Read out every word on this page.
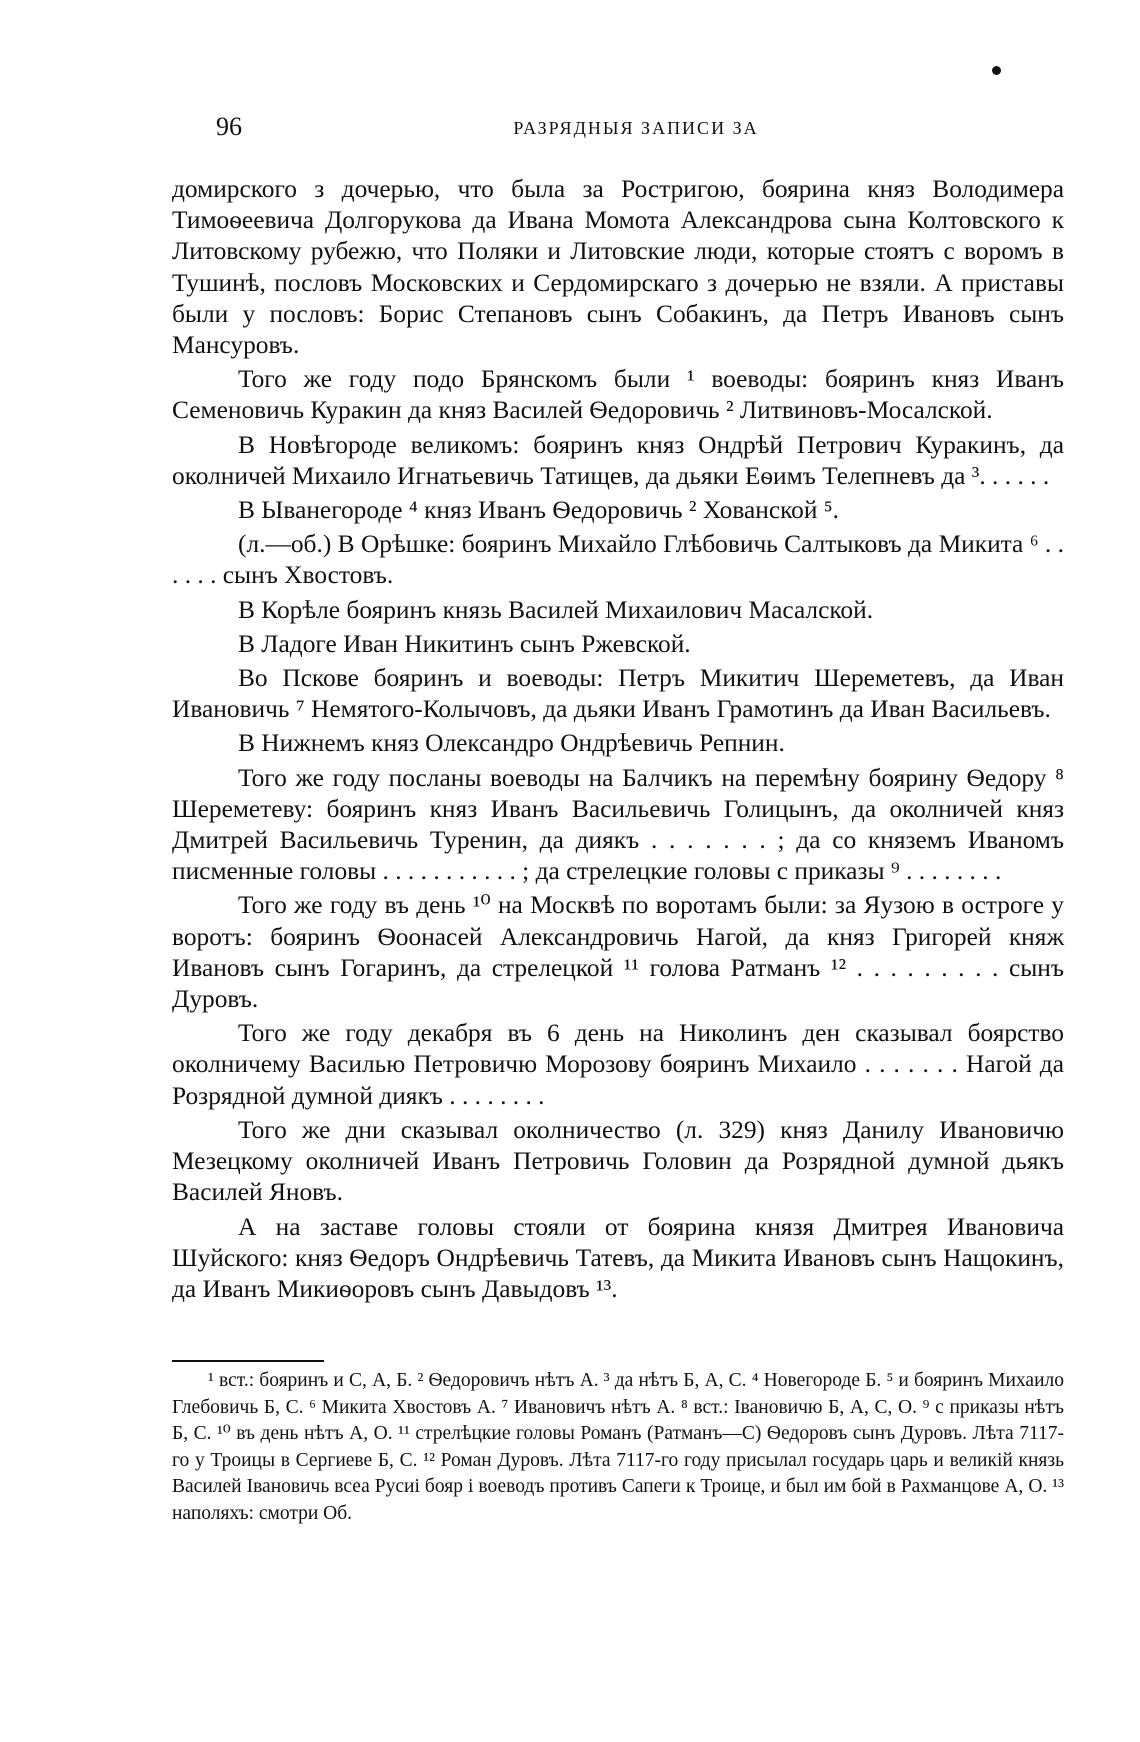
96	РАЗРЯДНЫЯ ЗАПИСИ ЗА

домирского з дочерью, что была за Ростригою, боярина княз Володимера Тимоѳеевича Долгорукова да Ивана Момота Александрова сына Колтовского к Литовскому рубежю, что Поляки и Литовские люди, которые стоятъ с воромъ в Тушинѣ, пословъ Московских и Сердомирскаго з дочерью не взяли. А приставы были у пословъ: Борис Степановъ сынъ Собакинъ, да Петръ Ивановъ сынъ Мансуровъ.

Того же году подо Брянскомъ были ¹ воеводы: бояринъ княз Иванъ Семеновичь Куракин да княз Василей Ѳедоровичь ² Литвиновъ-Мосалской.

В Новѣгороде великомъ: бояринъ княз Ондрѣй Петрович Куракинъ, да околничей Михаило Игнатьевичь Татищев, да дьяки Еѳимъ Телепневъ да ³. . . . . .

В Ыванегороде ⁴ княз Иванъ Ѳедоровичь ² Хованской ⁵.

(л.—об.) В Орѣшке: бояринъ Михайло Глѣбовичь Салтыковъ да Микита ⁶ . . . . . . сынъ Хвостовъ.

В Корѣле бояринъ князь Василей Михаилович Масалской.

В Ладоге Иван Никитинъ сынъ Ржевской.

Во Пскове бояринъ и воеводы: Петръ Микитич Шереметевъ, да Иван Ивановичь ⁷ Немятого-Колычовъ, да дьяки Иванъ Грамотинъ да Иван Васильевъ.

В Нижнемъ княз Олександро Ондрѣевичь Репнин.

Того же году посланы воеводы на Балчикъ на перемѣну боярину Ѳедору ⁸ Шереметеву: бояринъ княз Иванъ Васильевичь Голицынъ, да околничей княз Дмитрей Васильевичь Туренин, да диякъ . . . . . . . ; да со княземъ Иваномъ писменные головы . . . . . . . . . . . ; да стрелецкие головы с приказы ⁹ . . . . . . . .

Того же году въ день ¹⁰ на Москвѣ по воротамъ были: за Яузою в остроге у воротъ: бояринъ Ѳоонасей Александровичь Нагой, да княз Григорей княж Ивановъ сынъ Гогаринъ, да стрелецкой ¹¹ голова Ратманъ ¹² . . . . . . . . . сынъ Дуровъ.

Того же году декабря въ 6 день на Николинъ ден сказывал боярство околничему Василью Петровичю Морозову бояринъ Михаило . . . . . . . Нагой да Розрядной думной диякъ . . . . . . . .

Того же дни сказывал околничество (л. 329) княз Данилу Ивановичю Мезецкому околничей Иванъ Петровичь Головин да Розрядной думной дьякъ Василей Яновъ.

А на заставе головы стояли от боярина князя Дмитрея Ивановича Шуйского: княз Ѳедоръ Ондрѣевичь Татевъ, да Микита Ивановъ сынъ Нащокинъ, да Иванъ Микиѳоровъ сынъ Давыдовъ ¹³.

¹ вст.: бояринъ и С, А, Б. ² Ѳедоровичъ нѣтъ А. ³ да нѣтъ Б, А, С. ⁴ Новегороде Б. ⁵ и бояринъ Михаило Глебовичь Б, С. ⁶ Микита Хвостовъ А. ⁷ Ивановичъ нѣтъ А. ⁸ вст.: Івановичю Б, А, С, О. ⁹ с приказы нѣтъ Б, С. ¹⁰ въ день нѣтъ А, О. ¹¹ стрелѣцкие головы Романъ (Ратманъ—С) Ѳедоровъ сынъ Дуровъ. Лѣта 7117-го у Троицы в Сергиеве Б, С. ¹² Роман Дуровъ. Лѣта 7117-го году присылал государь царь и великій князь Василей Івановичь всеа Русиі бояр і воеводъ противъ Сапеги к Троице, и был им бой в Рахманцове А, О. ¹³ наполяхъ: смотри Об.
